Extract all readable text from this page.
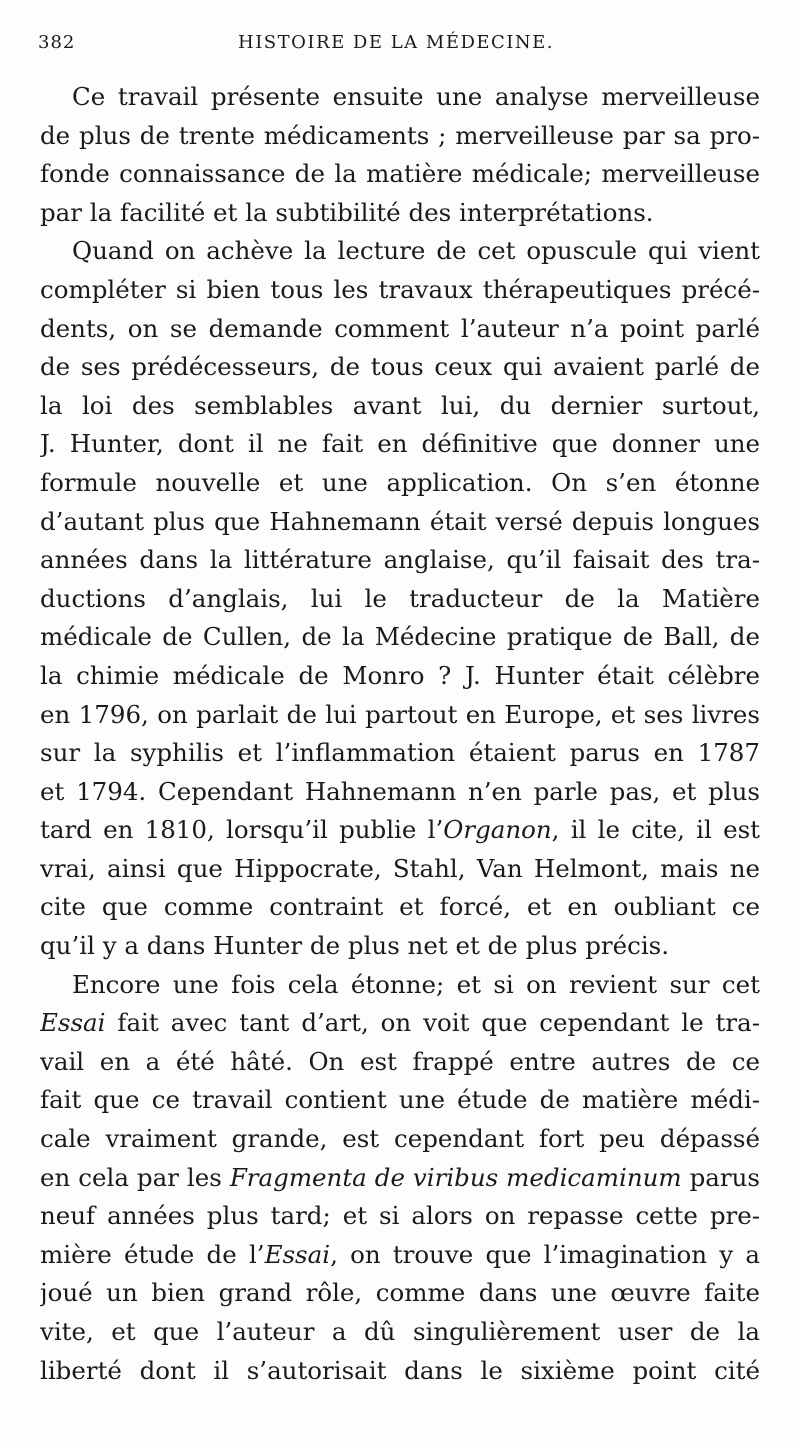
382	HISTOIRE DE LA MÉDECINE.
Ce travail présente ensuite une analyse merveilleuse
de plus de trente médicaments ; merveilleuse par sa pro-
fonde connaissance de la matière médicale; merveilleuse
par la facilité et la subtibilité des interprétations.
Quand on achève la lecture de cet opuscule qui vient
compléter si bien tous les travaux thérapeutiques précé-
dents, on se demande comment l’auteur n’a point parlé
de ses prédécesseurs, de tous ceux qui avaient parlé de
la loi des semblables avant lui, du dernier surtout,
J. Hunter, dont il ne fait en définitive que donner une
formule nouvelle et une application. On s’en étonne
d’autant plus que Hahnemann était versé depuis longues
années dans la littérature anglaise, qu’il faisait des tra-
ductions d’anglais, lui le traducteur de la Matière
médicale de Cullen, de la Médecine pratique de Ball, de
la chimie médicale de Monro ? J. Hunter était célèbre
en 1796, on parlait de lui partout en Europe, et ses livres
sur la syphilis et l’inflammation étaient parus en 1787
et 1794. Cependant Hahnemann n’en parle pas, et plus
tard en 1810, lorsqu’il publie l’Organon, il le cite, il est
vrai, ainsi que Hippocrate, Stahl, Van Helmont, mais ne
cite que comme contraint et forcé, et en oubliant ce
qu’il y a dans Hunter de plus net et de plus précis.
Encore une fois cela étonne; et si on revient sur cet
Essai fait avec tant d’art, on voit que cependant le tra-
vail en a été hâté. On est frappé entre autres de ce
fait que ce travail contient une étude de matière médi-
cale vraiment grande, est cependant fort peu dépassé
en cela par les Fragmenta de viribus medicaminum parus
neuf années plus tard; et si alors on repasse cette pre-
mière étude de l’Essai, on trouve que l’imagination y a
joué un bien grand rôle, comme dans une œuvre faite
vite, et que l’auteur a dû singulièrement user de la
liberté dont il s’autorisait dans le sixième point cité
